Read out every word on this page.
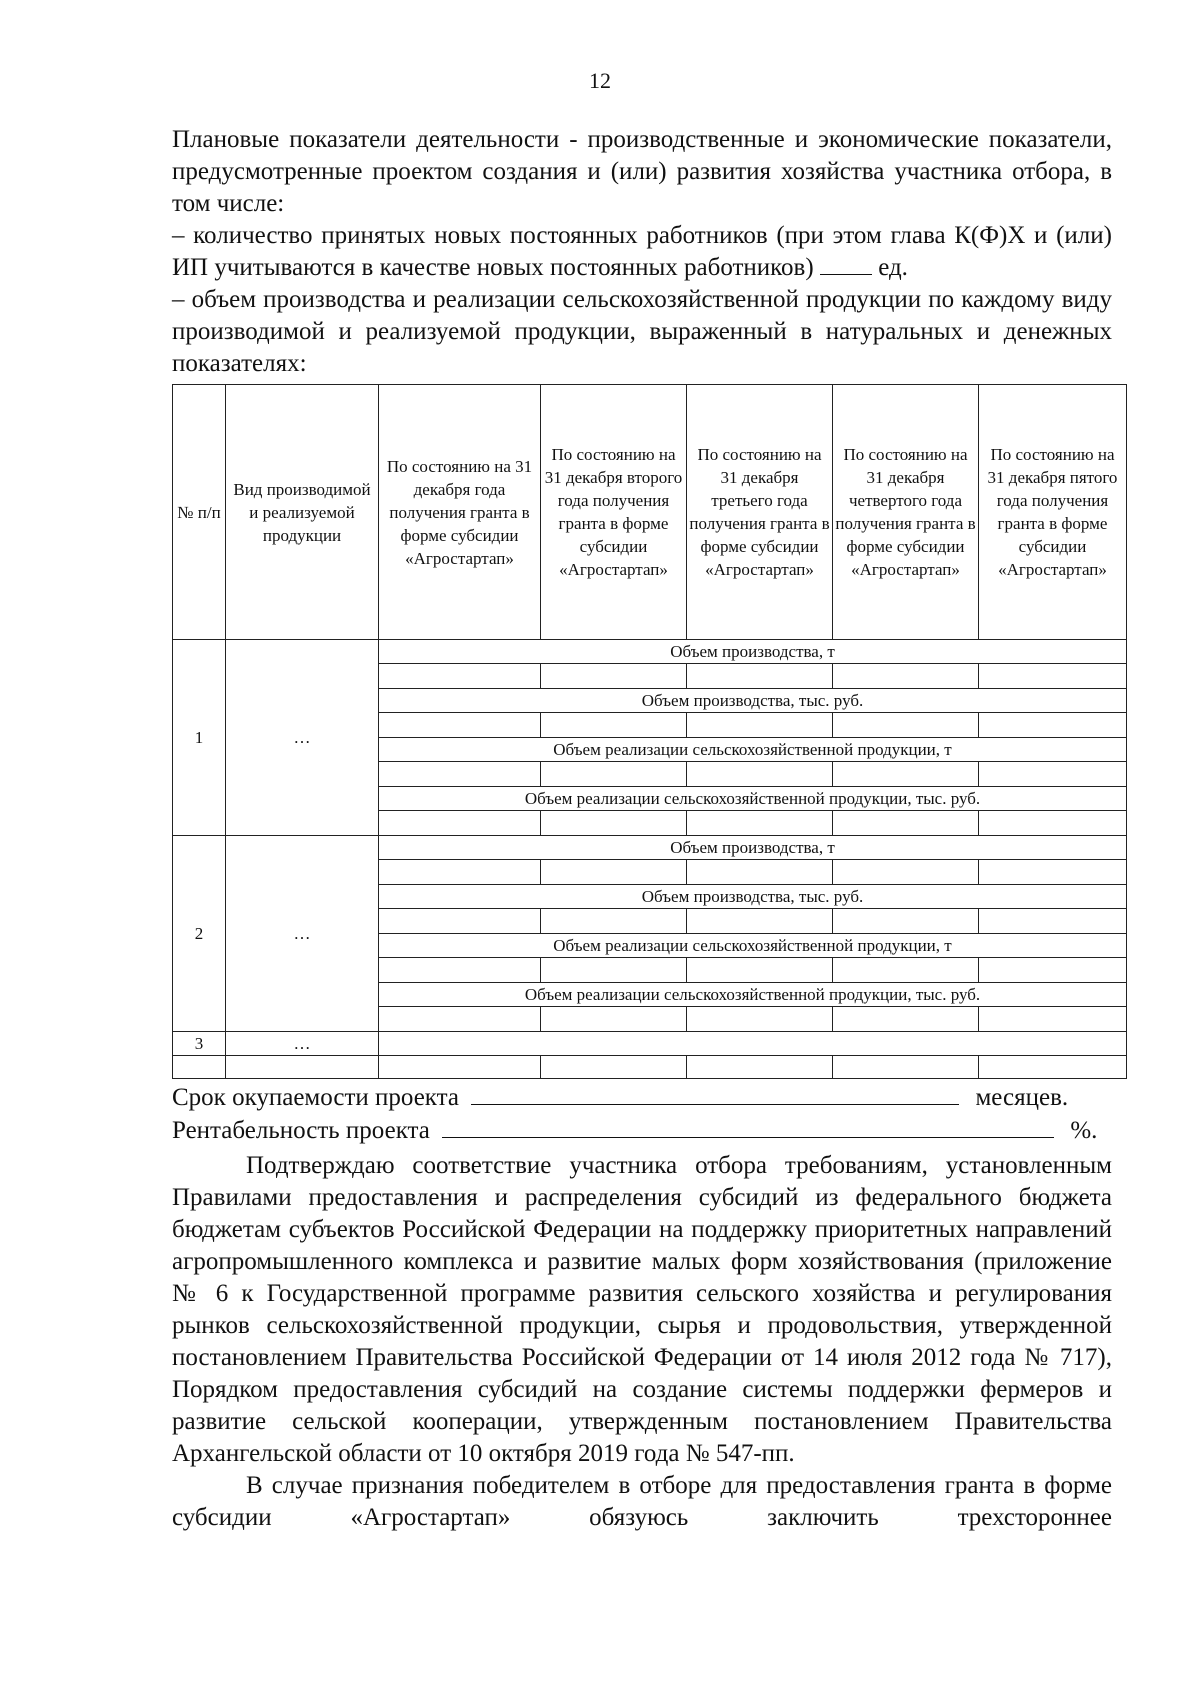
12

Плановые показатели деятельности - производственные и экономические показатели, предусмотренные проектом создания и (или) развития хозяйства участника отбора, в том числе:

– количество принятых новых постоянных работников (при этом глава К(Ф)Х и (или) ИП учитываются в качестве новых постоянных работников)	ед.

– объем производства и реализации сельскохозяйственной продукции по каждому виду производимой и реализуемой продукции, выраженный в натуральных и денежных показателях:

№ п/п	Вид производимой и реализуемой продукции	По состоянию на 31 декабря года получения гранта в форме субсидии «Агростартап»	По состоянию на 31 декабря второго года получения гранта в форме субсидии «Агростартап»	По состоянию на 31 декабря третьего года получения гранта в форме субсидии «Агростартап»	По состоянию на 31 декабря четвертого года получения гранта в форме субсидии «Агростартап»	По состоянию на 31 декабря пятого года получения гранта в форме субсидии «Агростартап»
1	…	Объем производства, т				

		Объем производства, тыс. руб.				

		Объем реализации сельскохозяйственной продукции, т				

		Объем реализации сельскохозяйственной продукции, тыс. руб.				

2	…	Объем производства, т				

		Объем производства, тыс. руб.				

		Объем реализации сельскохозяйственной продукции, т				

		Объем реализации сельскохозяйственной продукции, тыс. руб.				

3	…					

Срок окупаемости проекта	месяцев.
Рентабельность проекта	%.

Подтверждаю соответствие участника отбора требованиям, установленным Правилами предоставления и распределения субсидий из федерального бюджета бюджетам субъектов Российской Федерации на поддержку приоритетных направлений агропромышленного комплекса и развитие малых форм хозяйствования (приложение № 6 к Государственной программе развития сельского хозяйства и регулирования рынков сельскохозяйственной продукции, сырья и продовольствия, утвержденной постановлением Правительства Российской Федерации от 14 июля 2012 года № 717), Порядком предоставления субсидий на создание системы поддержки фермеров и развитие сельской кооперации, утвержденным постановлением Правительства Архангельской области от 10 октября 2019 года № 547-пп.

В случае признания победителем в отборе для предоставления гранта в форме субсидии «Агростартап» обязуюсь заключить трехстороннее
